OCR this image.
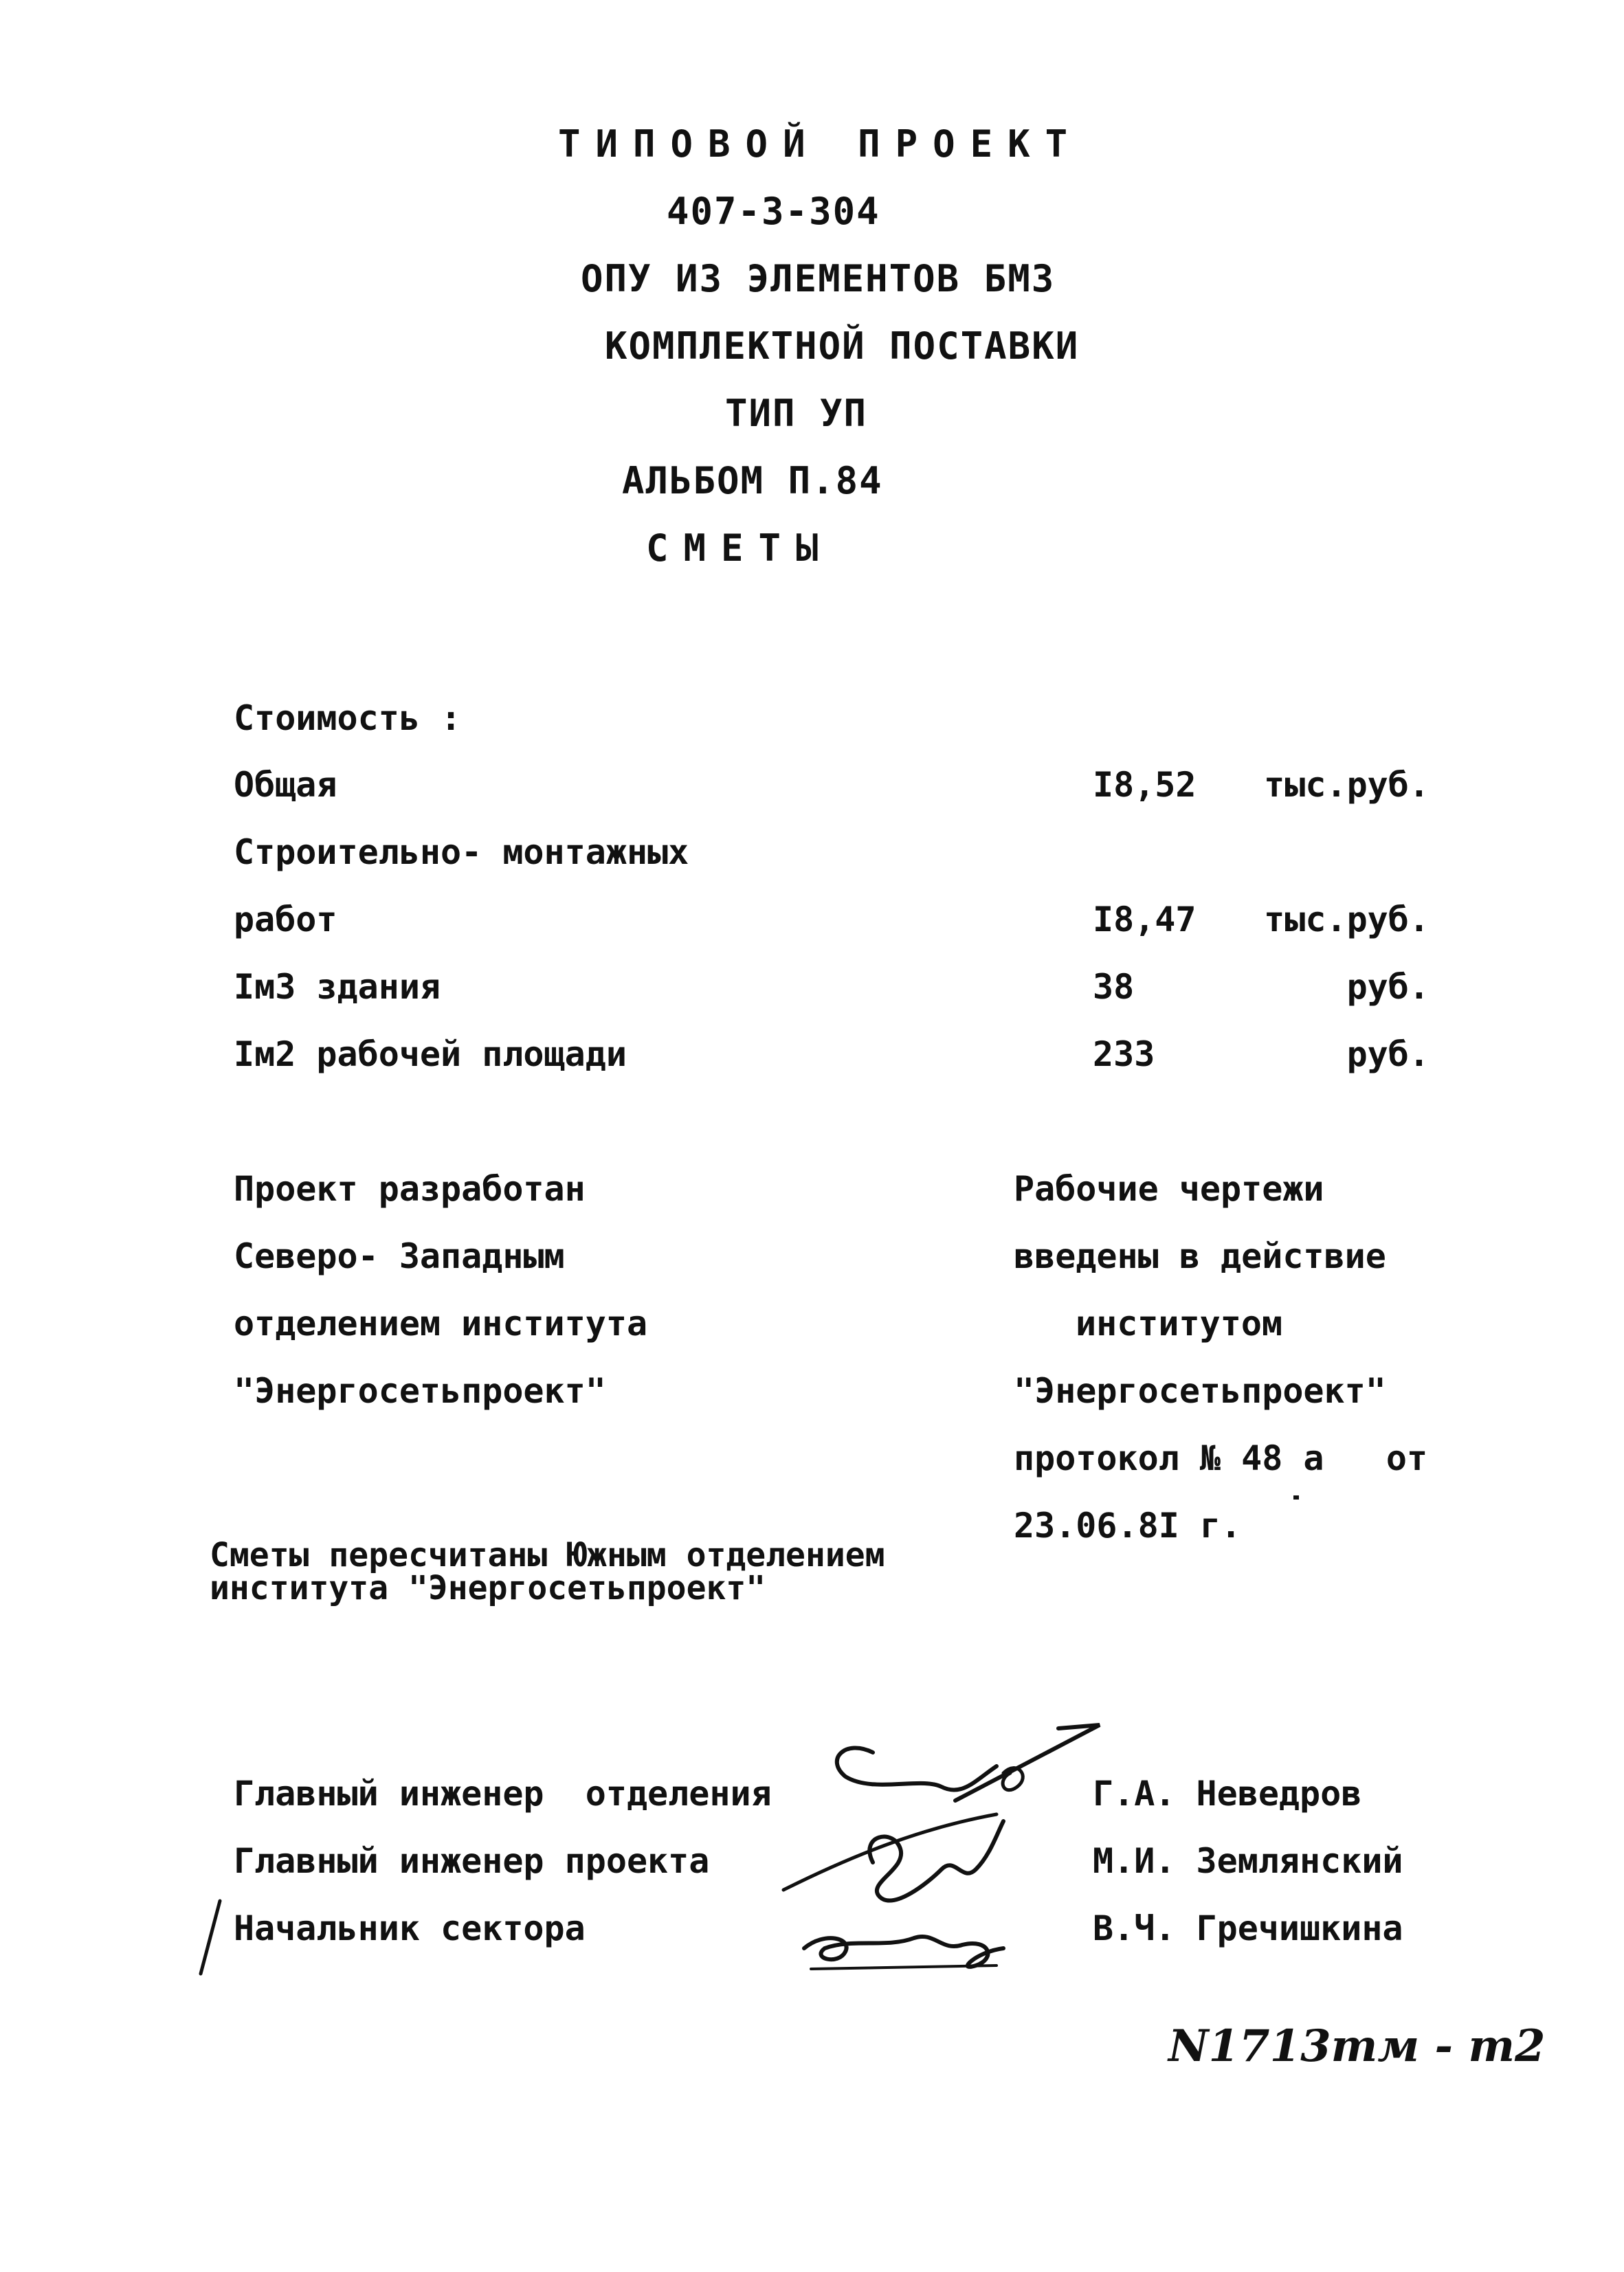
ТИПОВОЙ ПРОЕКТ
407-3-304
ОПУ ИЗ ЭЛЕМЕНТОВ БМЗ
КОМПЛЕКТНОЙ ПОСТАВКИ
ТИП УП
АЛЬБОМ П.84
СМЕТЫ
Стоимость :
Общая	I8,52	тыс.руб.
Строительно- монтажных
работ	I8,47	тыс.руб.
Iм3 здания	38	руб.
Iм2 рабочей площади	233	руб.
Проект разработан
Северо- Западным
отделением института
"Энергосетьпроект"
Рабочие чертежи
введены в действие
институтом
"Энергосетьпроект"
протокол № 48 а   от
23.06.8I г.
Сметы пересчитаны Южным отделением
института "Энергосетьпроект"
Главный инженер  отделения	Г.А. Неведров
Главный инженер проекта	М.И. Землянский
Начальник сектора	В.Ч. Гречишкина
N1713тм - т2
